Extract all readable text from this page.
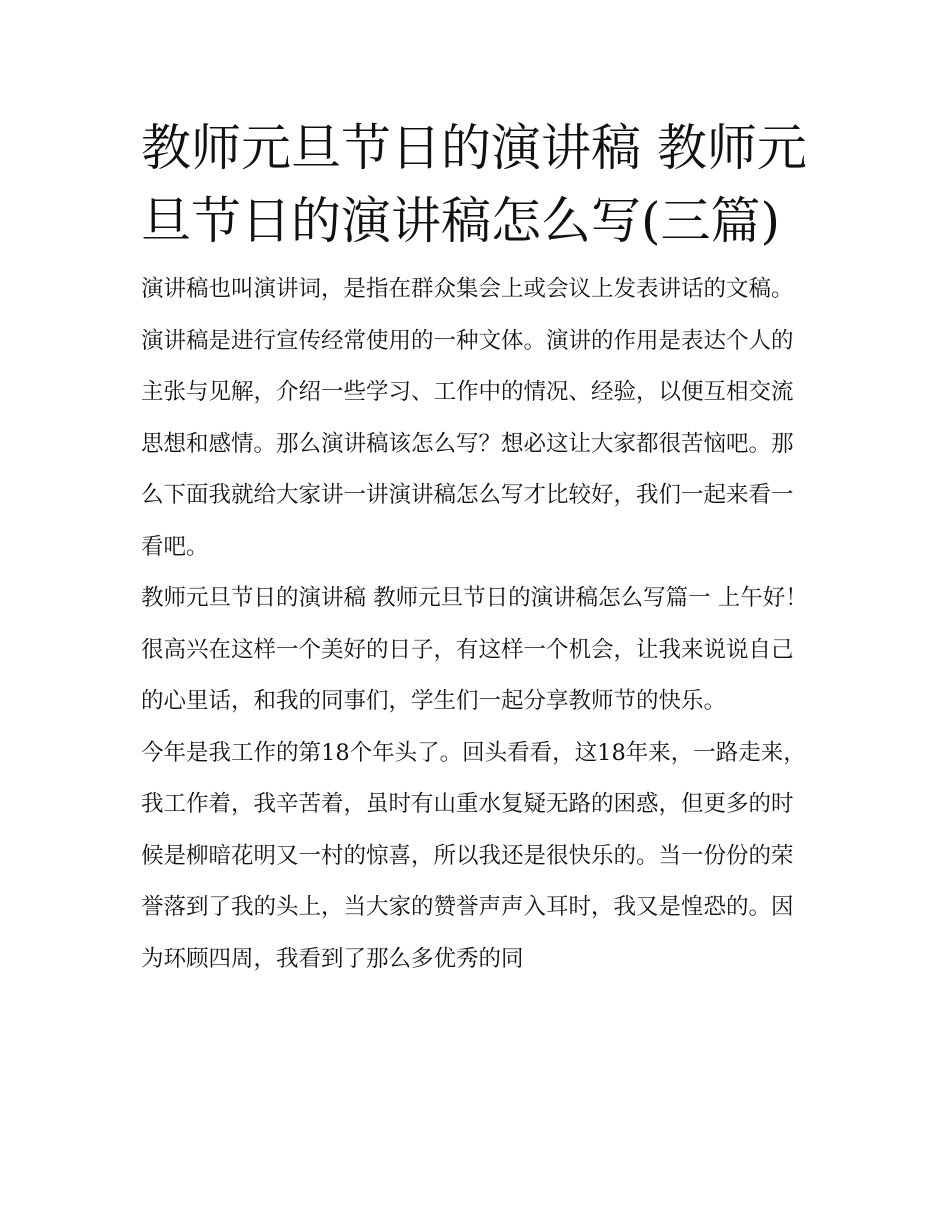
教师元旦节日的演讲稿 教师元旦节日的演讲稿怎么写(三篇)

演讲稿也叫演讲词，是指在群众集会上或会议上发表讲话的文稿。演讲稿是进行宣传经常使用的一种文体。演讲的作用是表达个人的主张与见解，介绍一些学习、工作中的情况、经验，以便互相交流思想和感情。那么演讲稿该怎么写？想必这让大家都很苦恼吧。那么下面我就给大家讲一讲演讲稿怎么写才比较好，我们一起来看一看吧。

教师元旦节日的演讲稿 教师元旦节日的演讲稿怎么写篇一 上午好！

很高兴在这样一个美好的日子，有这样一个机会，让我来说说自己的心里话，和我的同事们，学生们一起分享教师节的快乐。

今年是我工作的第18个年头了。回头看看，这18年来，一路走来，我工作着，我辛苦着，虽时有山重水复疑无路的困惑，但更多的时候是柳暗花明又一村的惊喜，所以我还是很快乐的。当一份份的荣誉落到了我的头上，当大家的赞誉声声入耳时，我又是惶恐的。因为环顾四周，我看到了那么多优秀的同
